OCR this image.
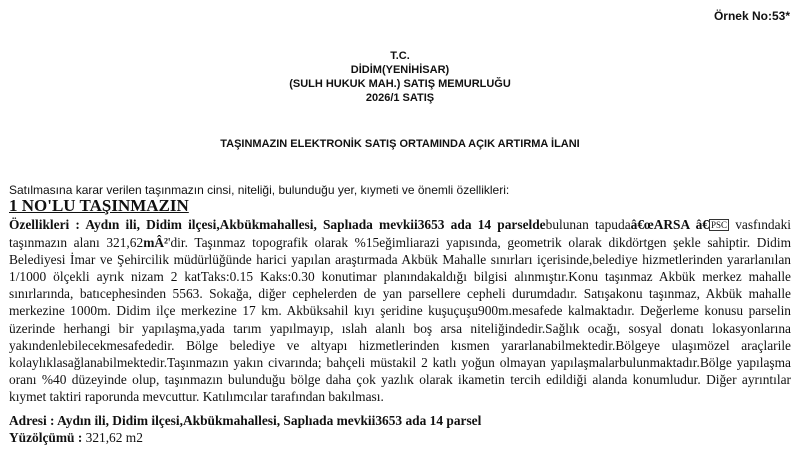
Örnek No:53*
T.C.
DİDİM(YENİHİSAR)
(SULH HUKUK MAH.) SATIŞ MEMURLUĞU
2026/1 SATIŞ
TAŞINMAZIN ELEKTRONİK SATIŞ ORTAMINDA AÇIK ARTIRMA İLANI
Satılmasına karar verilen taşınmazın cinsi, niteliği, bulunduğu yer, kıymeti ve önemli özellikleri:
1 NO'LU TAŞINMAZIN

Özellikleri : Aydın ili, Didim ilçesi,Akbükmahallesi, Saplıada mevkii3653 ada 14 parseldebulunan tapudaâ€œARSA â€ PSC vasfındaki taşınmazın alanı 321,62mÂ²'dir. Taşınmaz topografik olarak %15eğimliarazi yapısında, geometrik olarak dikdörtgen şekle sahiptir. Didim Belediyesi İmar ve Şehircilik müdürlüğünde harici yapılan araştırmada Akbük Mahalle sınırları içerisinde,belediye hizmetlerinden yararlanılan 1/1000 ölçekli ayrık nizam 2 katTaks:0.15 Kaks:0.30 konutimar planındakaldığı bilgisi alınmıştır.Konu taşınmaz Akbük merkez mahalle sınırlarında, batıcephesinden 5563. Sokağa, diğer cephelerden de yan parsellere cepheli durumdadır. Satışakonu taşınmaz, Akbük mahalle merkezine 1000m. Didim ilçe merkezine 17 km. Akbüksahil kıyı şeridine kuşuçuşu900m.mesafede kalmaktadır. Değerleme konusu parselin üzerinde herhangi bir yapılaşma,yada tarım yapılmayıp, ıslah alanlı boş arsa niteliğindedir.Sağlık ocağı, sosyal donatı lokasyonlarına yakındenlebilecekmesafededir. Bölge belediye ve altyapı hizmetlerinden kısmen yararlanabilmektedir.Bölgeye ulaşımözel araçlarile kolaylıklasağlanabilmektedir.Taşınmazın yakın civarında; bahçeli müstakil 2 katlı yoğun olmayan yapılaşmalarbulunmaktadır.Bölge yapılaşma oranı %40 düzeyinde olup, taşınmazın bulunduğu bölge daha çok yazlık olarak ikametin tercih edildiği alanda konumludur. Diğer ayrıntılar kıymet taktiri raporunda mevcuttur. Katılımcılar tarafından bakılması.

Adresi : Aydın ili, Didim ilçesi,Akbükmahallesi, Saplıada mevkii3653 ada 14 parsel
Yüzölçümü : 321,62 m2
